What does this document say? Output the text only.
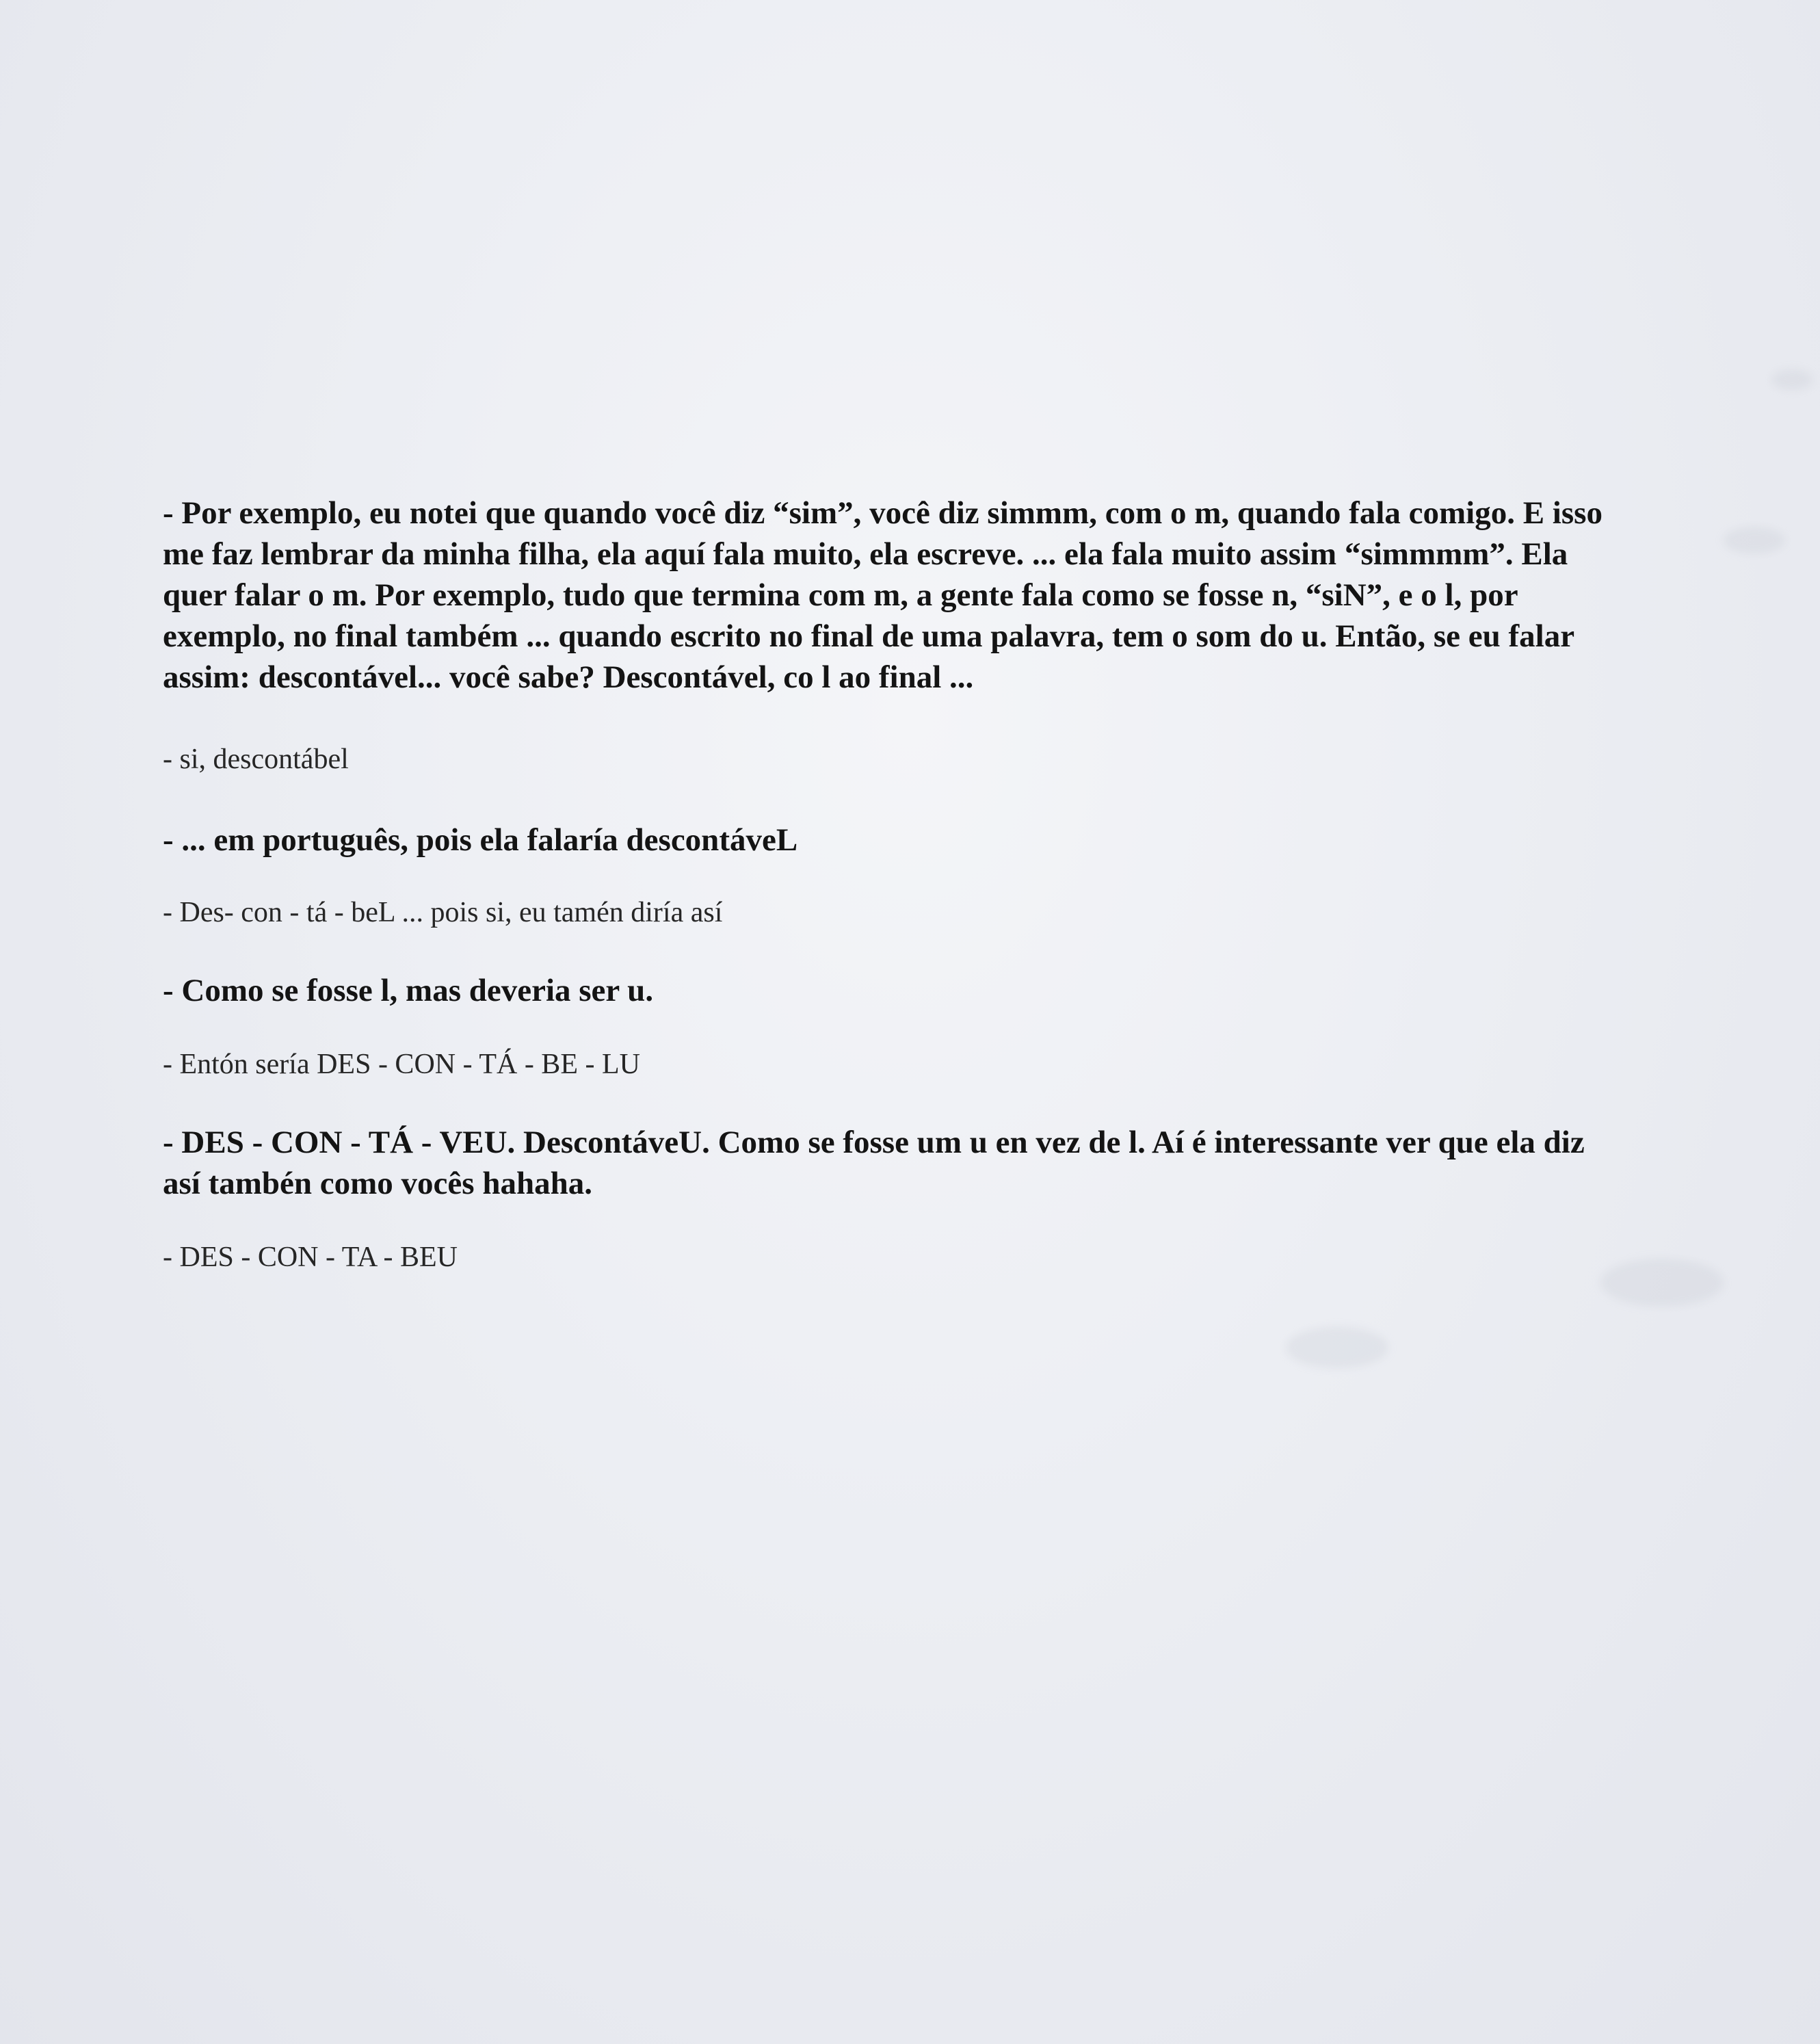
- Por exemplo, eu notei que quando você diz “sim”, você diz simmm, com o m, quando fala comigo. E isso me faz lembrar da minha filha, ela aquí fala muito, ela escreve. ... ela fala muito assim “simmmm”. Ela quer falar o m. Por exemplo, tudo que termina com m, a gente fala como se fosse n, “siN”, e o l, por exemplo, no final também ... quando escrito no final de uma palavra, tem o som do u. Então, se eu falar assim: descontável... você sabe? Descontável, co l ao final ...

- si, descontábel

- ... em português, pois ela falaría descontáveL

- Des- con - tá - beL ... pois si, eu tamén diría así

- Como se fosse l, mas deveria ser u.

- Entón sería DES - CON - TÁ - BE - LU

- DES - CON - TÁ - VEU. DescontáveU. Como se fosse um u en vez de l. Aí é interessante ver que ela diz así tambén como vocês hahaha.

- DES - CON - TA - BEU
